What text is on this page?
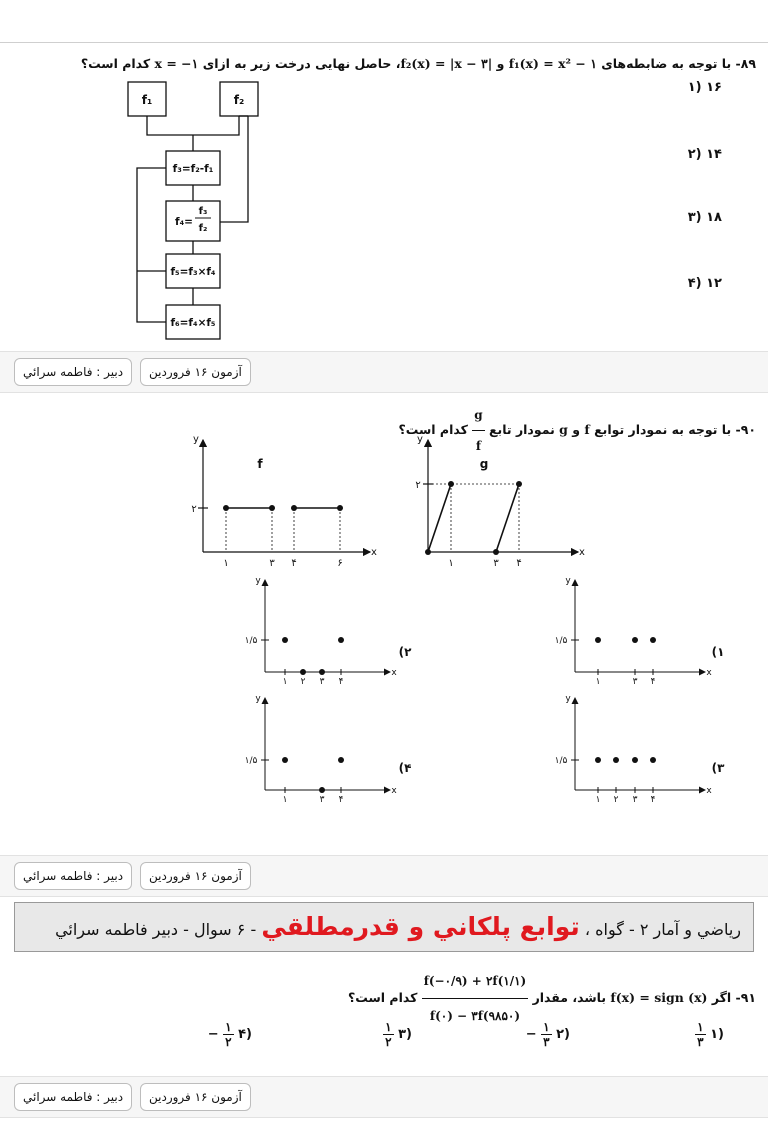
۸۹- با توجه به ضابطه‌های f₁(x) = x² − ۱ و f₂(x) = |x − ۳|، حاصل نهایی درخت زیر به ازای x = −۱ کدام است؟
f₁	f₂
f₃=f₂-f₁
f₄=
f₃
f₂
f₅=f₃×f₄
f₆=f₄×f₅
۱۶ (۱
۱۴ (۲
۱۸ (۳
۱۲ (۴
آزمون ۱۶ فروردین
دبیر : فاطمه سرائي
۹۰- با توجه به نمودار توابع f و g نمودار تابع
$\frac{g}{f}$
کدام است؟
f
۲
۱	۳ ۴	۶
x
y
g
۲
۱	۳ ۴
x
y
۱/۵
۱	۳ ۴
x
y
(۱
۱/۵
۱ ۲ ۳ ۴
x
y
(۲
۱/۵
۱ ۲ ۳ ۴
x
y
(۳
۱/۵
۱	۳ ۴
x
y
(۴
آزمون ۱۶ فروردین
دبیر : فاطمه سرائي
رياضي و آمار ۲ - گواه ، توابع پلکاني و قدرمطلقي - ۶ سوال - دبير فاطمه سرائي
۹۱- اگر f(x) = sign (x) باشد، مقدار
$\frac{f(-۰/۹) + ۲f(۱/۱)}{f(۰) - ۳f(۹۸۵۰)}$
کدام است؟
(۱
$\frac{۱}{۳}$
(۲
$\frac{۱}{۳}$
−
(۳
$\frac{۱}{۲}$
(۴
$\frac{۱}{۲}$
−
آزمون ۱۶ فروردین
دبیر : فاطمه سرائي
